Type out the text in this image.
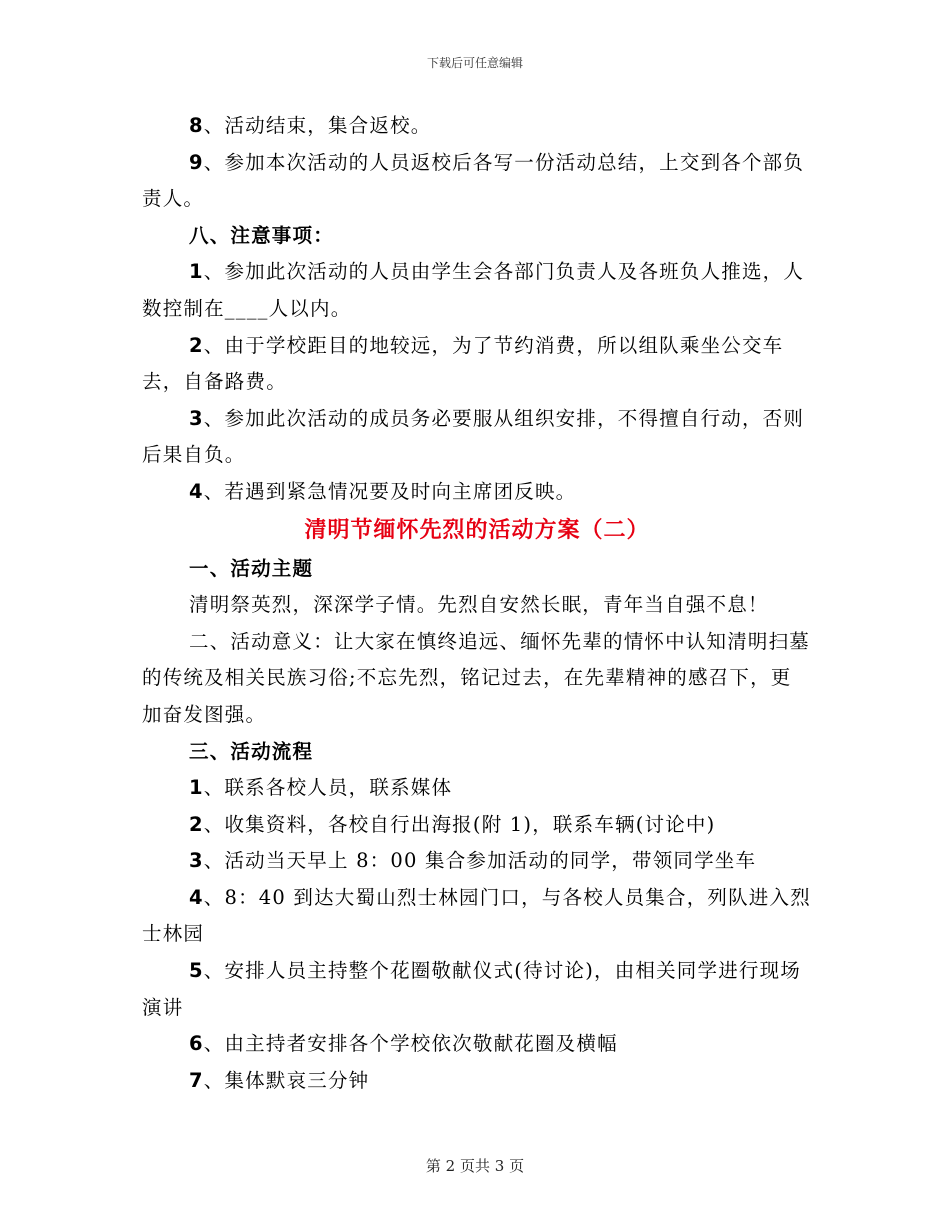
下载后可任意编辑

8、活动结束，集合返校。

9、参加本次活动的人员返校后各写一份活动总结，上交到各个部负责人。

八、注意事项：

1、参加此次活动的人员由学生会各部门负责人及各班负人推选，人数控制在____人以内。

2、由于学校距目的地较远，为了节约消费，所以组队乘坐公交车去，自备路费。

3、参加此次活动的成员务必要服从组织安排，不得擅自行动，否则后果自负。

4、若遇到紧急情况要及时向主席团反映。

清明节缅怀先烈的活动方案（二）

一、活动主题

清明祭英烈，深深学子情。先烈自安然长眠，青年当自强不息！

二、活动意义：让大家在慎终追远、缅怀先辈的情怀中认知清明扫墓的传统及相关民族习俗;不忘先烈，铭记过去，在先辈精神的感召下，更加奋发图强。

三、活动流程

1、联系各校人员，联系媒体

2、收集资料，各校自行出海报(附 1)，联系车辆(讨论中)

3、活动当天早上 8：00 集合参加活动的同学，带领同学坐车

4、8：40 到达大蜀山烈士林园门口，与各校人员集合，列队进入烈士林园

5、安排人员主持整个花圈敬献仪式(待讨论)，由相关同学进行现场演讲

6、由主持者安排各个学校依次敬献花圈及横幅

7、集体默哀三分钟

第 2 页共 3 页
